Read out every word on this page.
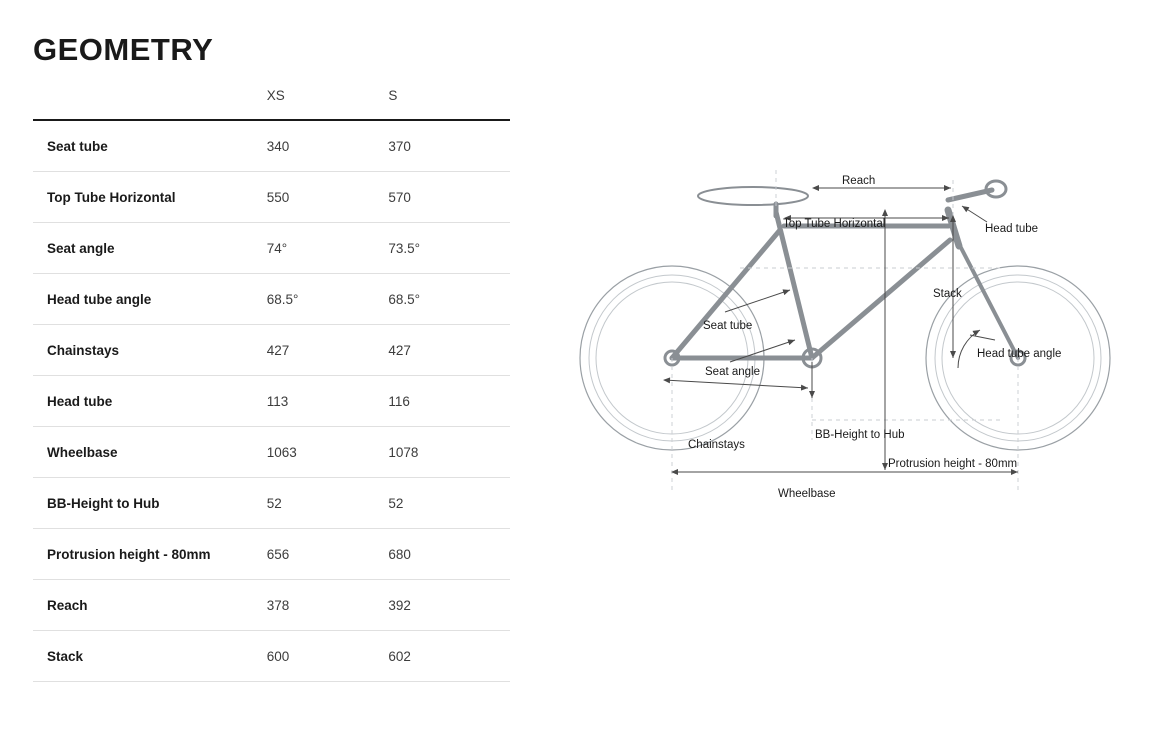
GEOMETRY
	XS	S
Seat tube	340	370
Top Tube Horizontal	550	570
Seat angle	74°	73.5°
Head tube angle	68.5°	68.5°
Chainstays	427	427
Head tube	113	116
Wheelbase	1063	1078
BB-Height to Hub	52	52
Protrusion height - 80mm	656	680
Reach	378	392
Stack	600	602
Reach
Top Tube Horizontal	Head tube
Stack
Seat tube
Seat angle
Head tube angle
BB-Height to Hub
Chainstays
Protrusion height - 80mm
Wheelbase
